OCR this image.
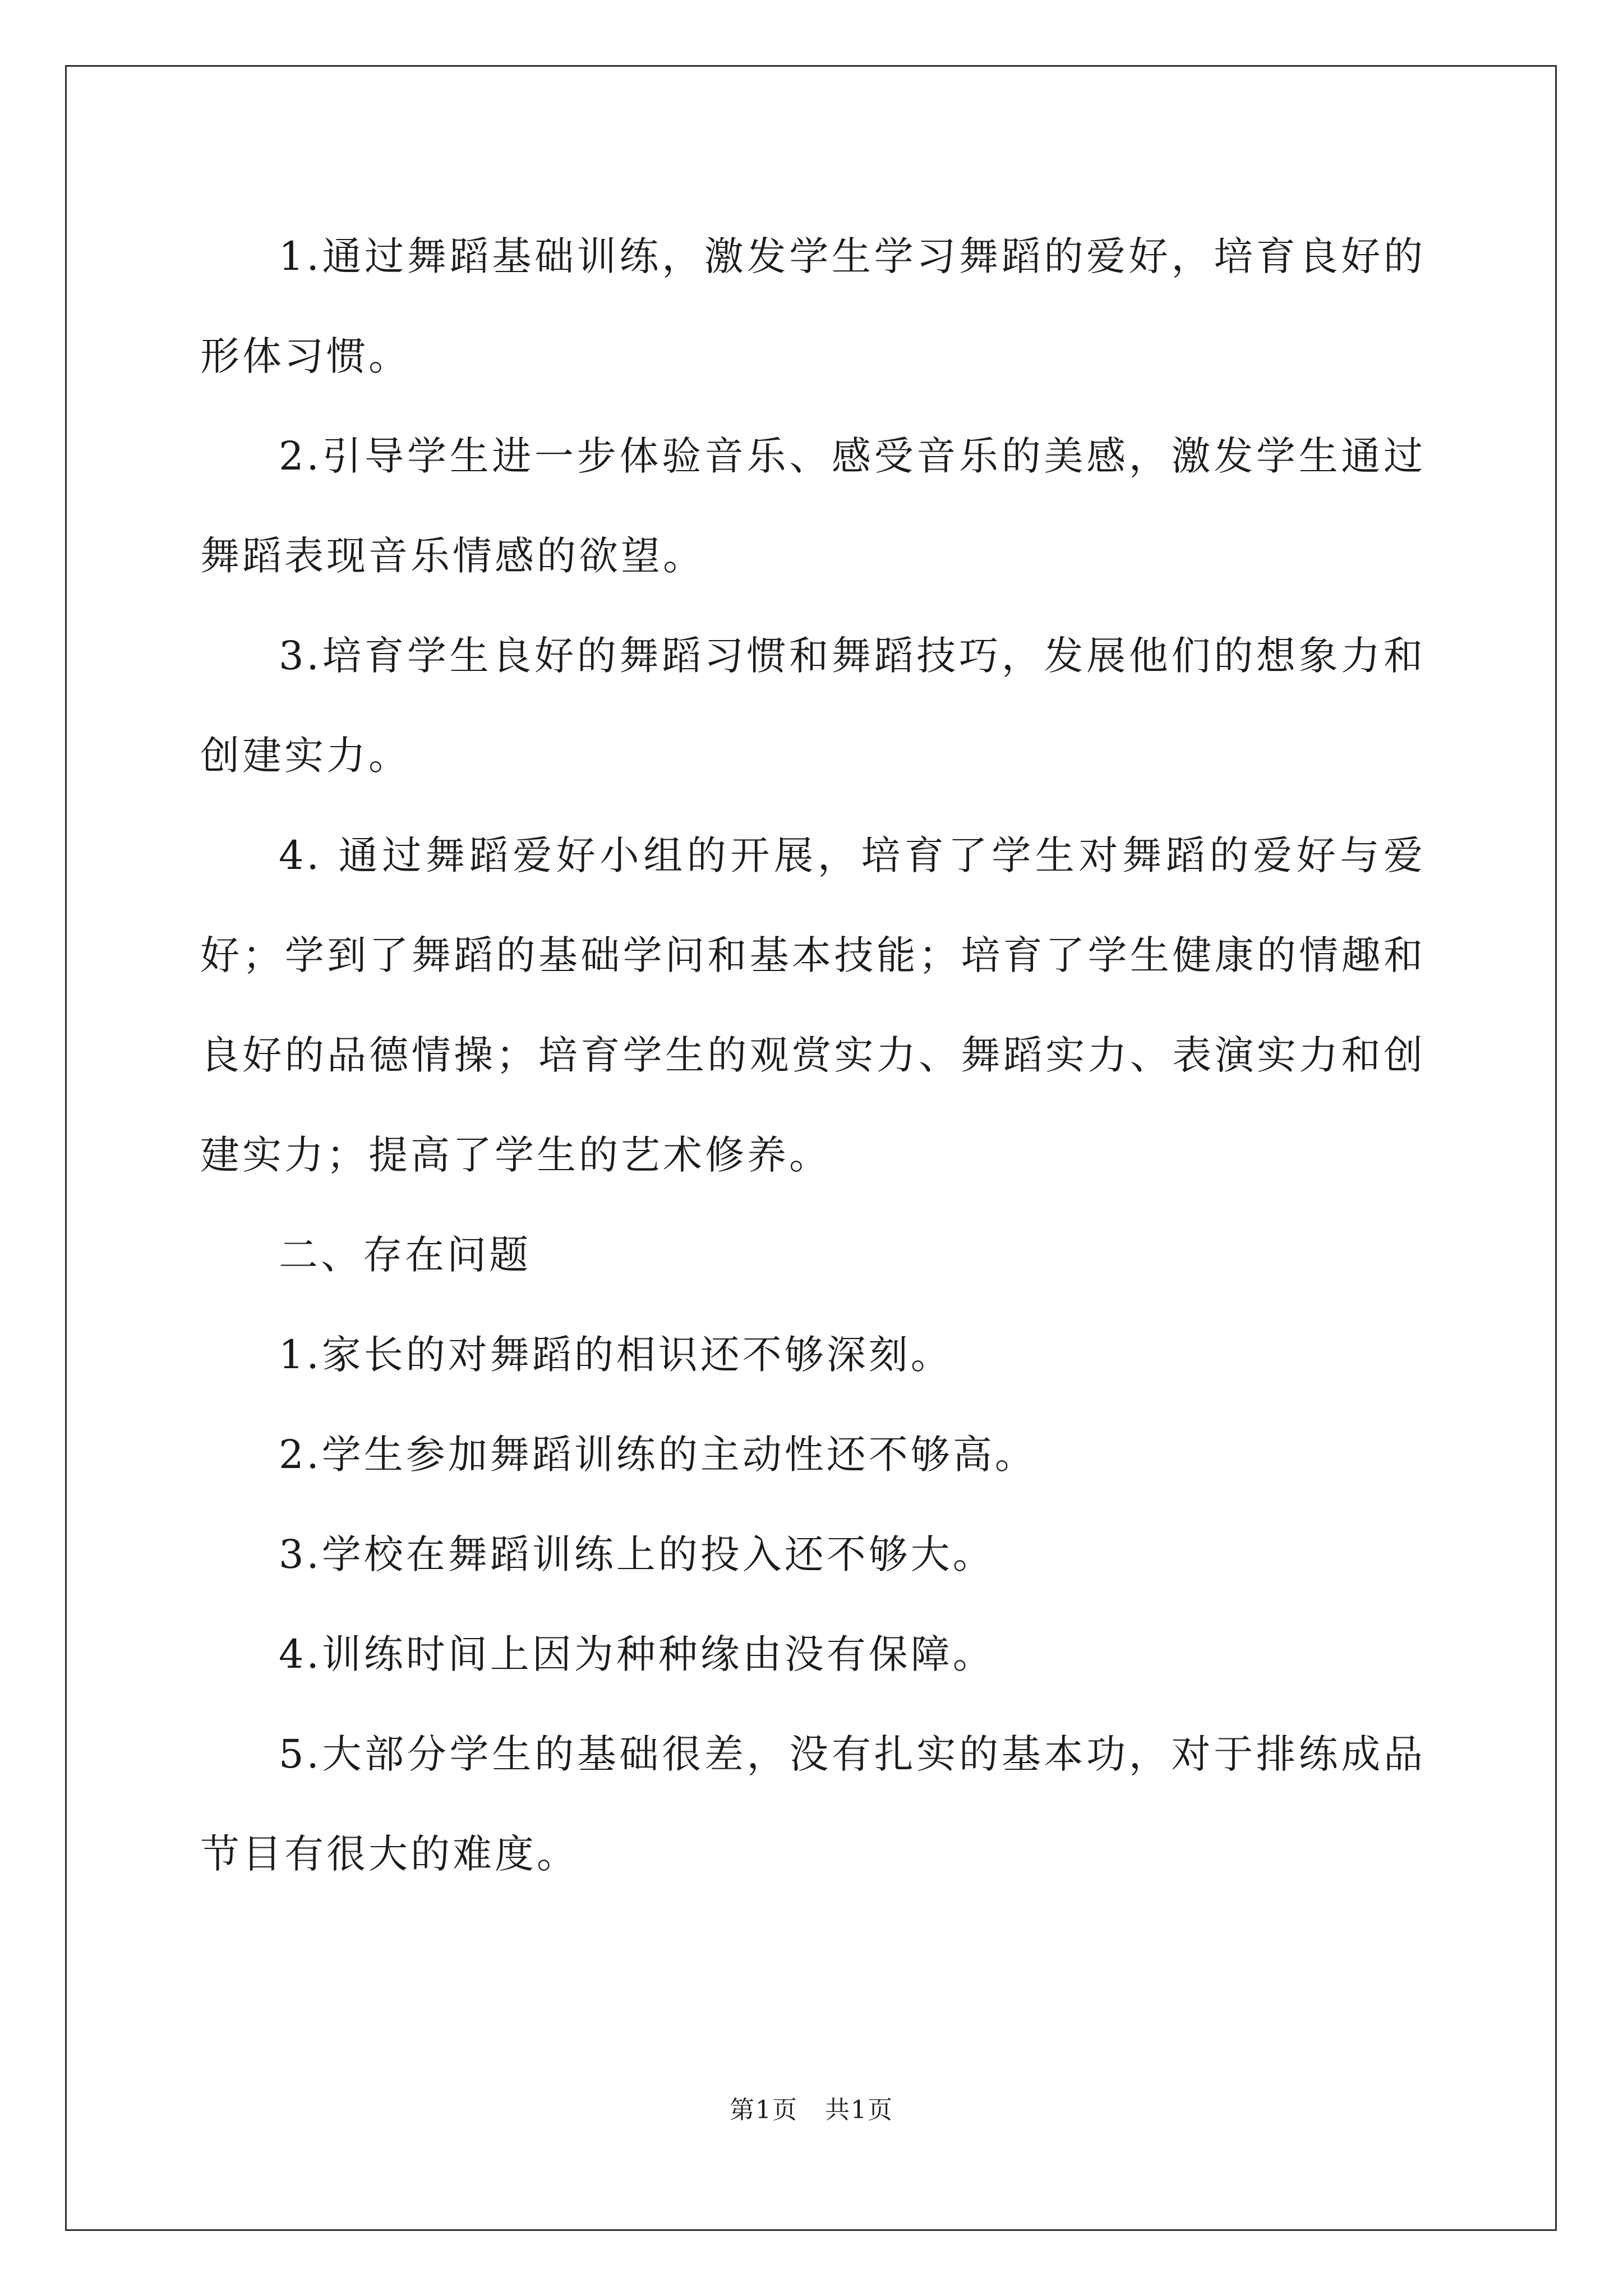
1.通过舞蹈基础训练，激发学生学习舞蹈的爱好，培育良好的形体习惯。

2.引导学生进一步体验音乐、感受音乐的美感，激发学生通过舞蹈表现音乐情感的欲望。

3.培育学生良好的舞蹈习惯和舞蹈技巧，发展他们的想象力和创建实力。

4. 通过舞蹈爱好小组的开展，培育了学生对舞蹈的爱好与爱好；学到了舞蹈的基础学问和基本技能；培育了学生健康的情趣和良好的品德情操；培育学生的观赏实力、舞蹈实力、表演实力和创建实力；提高了学生的艺术修养。

二、存在问题

1.家长的对舞蹈的相识还不够深刻。

2.学生参加舞蹈训练的主动性还不够高。

3.学校在舞蹈训练上的投入还不够大。

4.训练时间上因为种种缘由没有保障。

5.大部分学生的基础很差，没有扎实的基本功，对于排练成品节目有很大的难度。

第1页 共1页
